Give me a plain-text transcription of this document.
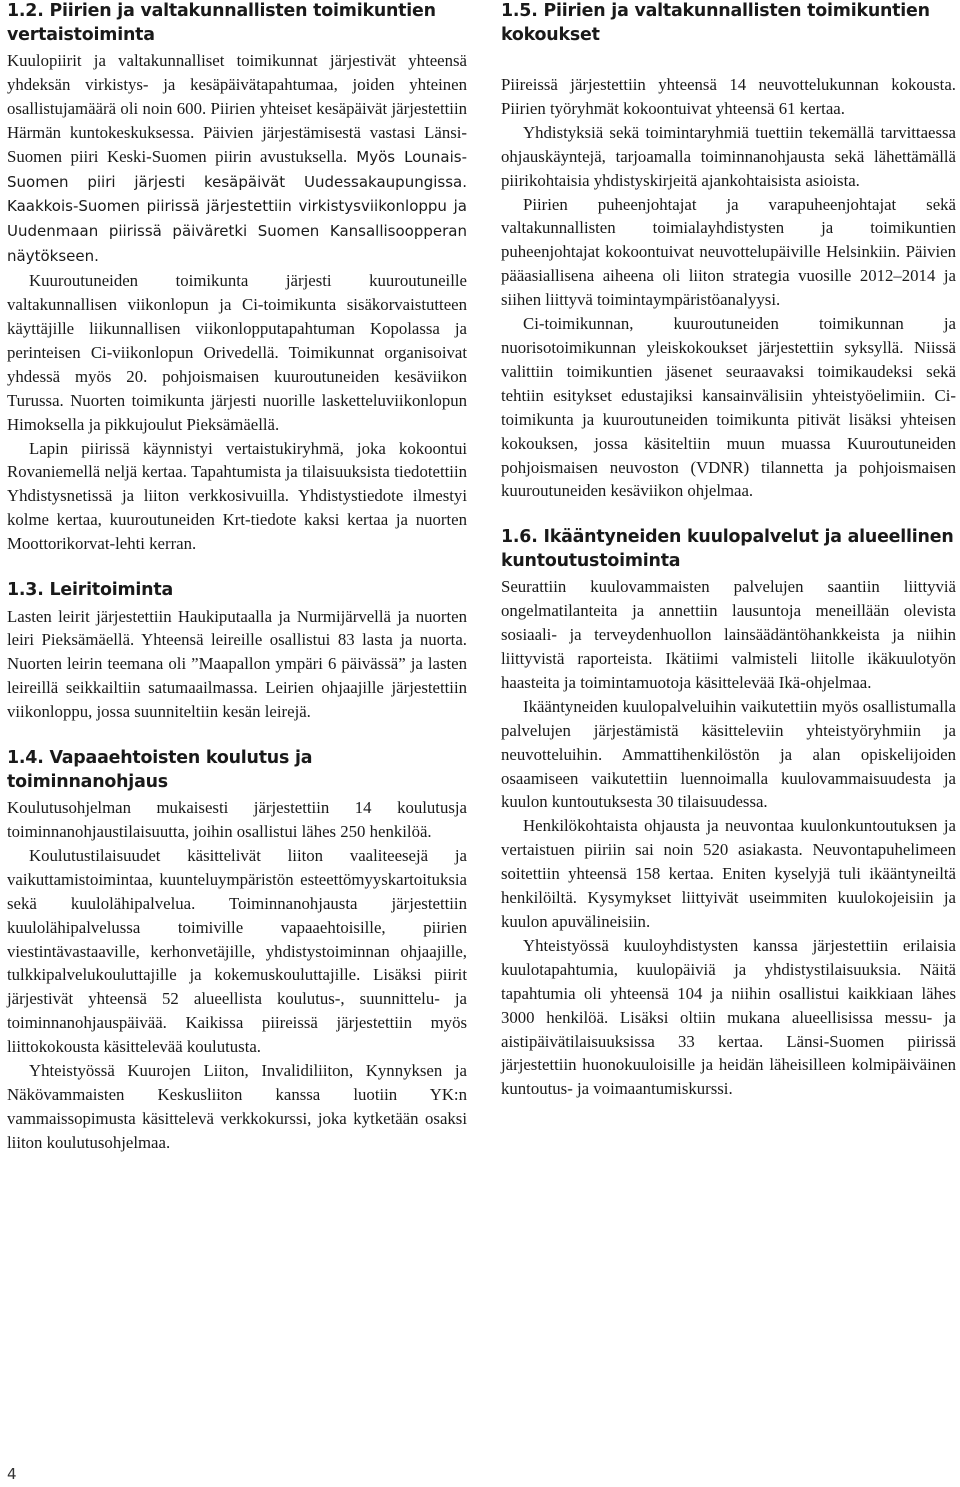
1.2. Piirien ja valtakunnallisten toimikuntien vertaistoiminta

Kuulopiirit ja valtakunnalliset toimikunnat järjestivät yhteensä yhdeksän virkistys- ja kesäpäivätapahtumaa, joiden yhteinen osallistujamäärä oli noin 600. Piirien yhteiset kesäpäivät järjestettiin Härmän kuntokeskuksessa. Päivien järjestämisestä vastasi Länsi-Suomen piiri Keski-Suomen piirin avustuksella. Myös Lounais-Suomen piiri järjesti kesäpäivät Uudessakaupungissa. Kaakkois-Suomen piirissä järjestettiin virkistysviikonloppu ja Uudenmaan piirissä päiväretki Suomen Kansallisoopperan näytökseen.

Kuuroutuneiden toimikunta järjesti kuuroutuneille valtakunnallisen viikonlopun ja Ci-toimikunta sisäkorvaistutteen käyttäjille liikunnallisen viikonlopputapahtuman Kopolassa ja perinteisen Ci-viikonlopun Orivedellä. Toimikunnat organisoivat yhdessä myös 20. pohjoismaisen kuuroutuneiden kesäviikon Turussa. Nuorten toimikunta järjesti nuorille lasketteluviikonlopun Himoksella ja pikkujoulut Pieksämäellä.

Lapin piirissä käynnistyi vertaistukiryhmä, joka kokoontui Rovaniemellä neljä kertaa. Tapahtumista ja tilaisuuksista tiedotettiin Yhdistysnetissä ja liiton verkkosivuilla. Yhdistystiedote ilmestyi kolme kertaa, kuuroutuneiden Krt-tiedote kaksi kertaa ja nuorten Moottorikorvat-lehti kerran.

1.3. Leiritoiminta

Lasten leirit järjestettiin Haukiputaalla ja Nurmijärvellä ja nuorten leiri Pieksämäellä. Yhteensä leireille osallistui 83 lasta ja nuorta. Nuorten leirin teemana oli ”Maapallon ympäri 6 päivässä” ja lasten leireillä seikkailtiin satumaailmassa. Leirien ohjaajille järjestettiin viikonloppu, jossa suunniteltiin kesän leirejä.

1.4. Vapaaehtoisten koulutus ja toiminnanohjaus

Koulutusohjelman mukaisesti järjestettiin 14 koulutusja toiminnanohjaustilaisuutta, joihin osallistui lähes 250 henkilöä.

Koulutustilaisuudet käsittelivät liiton vaaliteesejä ja vaikuttamistoimintaa, kuunteluympäristön esteettömyyskartoituksia sekä kuulolähipalvelua. Toiminnanohjausta järjestettiin kuulolähipalvelussa toimiville vapaaehtoisille, piirien viestintävastaaville, kerhonvetäjille, yhdistystoiminnan ohjaajille, tulkkipalvelukouluttajille ja kokemuskouluttajille. Lisäksi piirit järjestivät yhteensä 52 alueellista koulutus-, suunnittelu- ja toiminnanohjauspäivää. Kaikissa piireissä järjestettiin myös liittokokousta käsittelevää koulutusta.

Yhteistyössä Kuurojen Liiton, Invalidiliiton, Kynnyksen ja Näkövammaisten Keskusliiton kanssa luotiin YK:n vammaissopimusta käsittelevä verkkokurssi, joka kytketään osaksi liiton koulutusohjelmaa.

1.5. Piirien ja valtakunnallisten toimikuntien kokoukset

Piireissä järjestettiin yhteensä 14 neuvottelukunnan kokousta. Piirien työryhmät kokoontuivat yhteensä 61 kertaa.

Yhdistyksiä sekä toimintaryhmiä tuettiin tekemällä tarvittaessa ohjauskäyntejä, tarjoamalla toiminnanohjausta sekä lähettämällä piirikohtaisia yhdistyskirjeitä ajankohtaisista asioista.

Piirien puheenjohtajat ja varapuheenjohtajat sekä valtakunnallisten toimialayhdistysten ja toimikuntien puheenjohtajat kokoontuivat neuvottelupäiville Helsinkiin. Päivien pääasiallisena aiheena oli liiton strategia vuosille 2012–2014 ja siihen liittyvä toimintaympäristöanalyysi.

Ci-toimikunnan, kuuroutuneiden toimikunnan ja nuorisotoimikunnan yleiskokoukset järjestettiin syksyllä. Niissä valittiin toimikuntien jäsenet seuraavaksi toimikaudeksi sekä tehtiin esitykset edustajiksi kansainvälisiin yhteistyöelimiin. Ci-toimikunta ja kuuroutuneiden toimikunta pitivät lisäksi yhteisen kokouksen, jossa käsiteltiin muun muassa Kuuroutuneiden pohjoismaisen neuvoston (VDNR) tilannetta ja pohjoismaisen kuuroutuneiden kesäviikon ohjelmaa.

1.6. Ikääntyneiden kuulopalvelut ja alueellinen kuntoutustoiminta

Seurattiin kuulovammaisten palvelujen saantiin liittyviä ongelmatilanteita ja annettiin lausuntoja meneillään olevista sosiaali- ja terveydenhuollon lainsäädäntöhankkeista ja niihin liittyvistä raporteista. Ikätiimi valmisteli liitolle ikäkuulotyön haasteita ja toimintamuotoja käsittelevää Ikä-ohjelmaa.

Ikääntyneiden kuulopalveluihin vaikutettiin myös osallistumalla palvelujen järjestämistä käsitteleviin yhteistyöryhmiin ja neuvotteluihin. Ammattihenkilöstön ja alan opiskelijoiden osaamiseen vaikutettiin luennoimalla kuulovammaisuudesta ja kuulon kuntoutuksesta 30 tilaisuudessa.

Henkilökohtaista ohjausta ja neuvontaa kuulonkuntoutuksen ja vertaistuen piiriin sai noin 520 asiakasta. Neuvontapuhelimeen soitettiin yhteensä 158 kertaa. Eniten kyselyjä tuli ikääntyneiltä henkilöiltä. Kysymykset liittyivät useimmiten kuulokojeisiin ja kuulon apuvälineisiin.

Yhteistyössä kuuloyhdistysten kanssa järjestettiin erilaisia kuulotapahtumia, kuulopäiviä ja yhdistystilaisuuksia. Näitä tapahtumia oli yhteensä 104 ja niihin osallistui kaikkiaan lähes 3000 henkilöä. Lisäksi oltiin mukana alueellisissa messu- ja aistipäivätilaisuuksissa 33 kertaa. Länsi-Suomen piirissä järjestettiin huonokuuloisille ja heidän läheisilleen kolmipäiväinen kuntoutus- ja voimaantumiskurssi.

4
